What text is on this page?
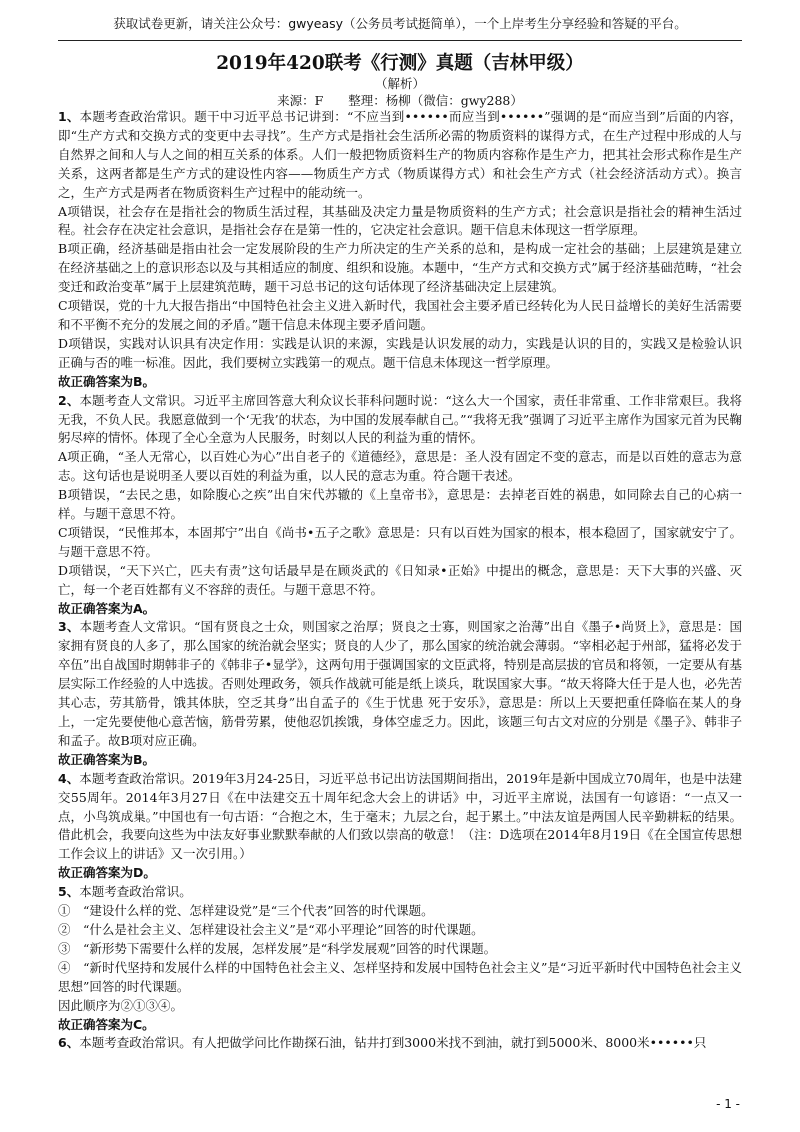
获取试卷更新，请关注公众号：gwyeasy（公务员考试挺简单），一个上岸考生分享经验和答疑的平台。
2019年420联考《行测》真题（吉林甲级）
（解析）
来源：F　　整理：杨柳（微信：gwy288）

1、本题考查政治常识。题干中习近平总书记讲到：“不应当到••••••而应当到••••••”强调的是“而应当到”后面的内容，即“生产方式和交换方式的变更中去寻找”。生产方式是指社会生活所必需的物质资料的谋得方式，在生产过程中形成的人与自然界之间和人与人之间的相互关系的体系。人们一般把物质资料生产的物质内容称作是生产力，把其社会形式称作是生产关系，这两者都是生产方式的建设性内容——物质生产方式（物质谋得方式）和社会生产方式（社会经济活动方式）。换言之，生产方式是两者在物质资料生产过程中的能动统一。

A项错误，社会存在是指社会的物质生活过程，其基础及决定力量是物质资料的生产方式；社会意识是指社会的精神生活过程。社会存在决定社会意识，是指社会存在是第一性的，它决定社会意识。题干信息未体现这一哲学原理。

B项正确，经济基础是指由社会一定发展阶段的生产力所决定的生产关系的总和，是构成一定社会的基础；上层建筑是建立在经济基础之上的意识形态以及与其相适应的制度、组织和设施。本题中，“生产方式和交换方式”属于经济基础范畴，“社会变迁和政治变革”属于上层建筑范畴，题干习总书记的这句话体现了经济基础决定上层建筑。

C项错误，党的十九大报告指出“中国特色社会主义进入新时代，我国社会主要矛盾已经转化为人民日益增长的美好生活需要和不平衡不充分的发展之间的矛盾。”题干信息未体现主要矛盾问题。

D项错误，实践对认识具有决定作用：实践是认识的来源，实践是认识发展的动力，实践是认识的目的，实践又是检验认识正确与否的唯一标准。因此，我们要树立实践第一的观点。题干信息未体现这一哲学原理。

故正确答案为B。

2、本题考查人文常识。习近平主席回答意大利众议长菲科问题时说：“这么大一个国家，责任非常重、工作非常艰巨。我将无我，不负人民。我愿意做到一个‘无我’的状态，为中国的发展奉献自己。”“我将无我”强调了习近平主席作为国家元首为民鞠躬尽瘁的情怀。体现了全心全意为人民服务，时刻以人民的利益为重的情怀。

A项正确，“圣人无常心，以百姓心为心”出自老子的《道德经》，意思是：圣人没有固定不变的意志，而是以百姓的意志为意志。这句话也是说明圣人要以百姓的利益为重，以人民的意志为重。符合题干表述。

B项错误，“去民之患，如除腹心之疾”出自宋代苏辙的《上皇帝书》，意思是：去掉老百姓的祸患，如同除去自己的心病一样。与题干意思不符。

C项错误，“民惟邦本，本固邦宁”出自《尚书•五子之歌》意思是：只有以百姓为国家的根本，根本稳固了，国家就安宁了。与题干意思不符。

D项错误，“天下兴亡，匹夫有责”这句话最早是在顾炎武的《日知录•正始》中提出的概念，意思是：天下大事的兴盛、灭亡，每一个老百姓都有义不容辞的责任。与题干意思不符。

故正确答案为A。

3、本题考查人文常识。“国有贤良之士众，则国家之治厚；贤良之士寡，则国家之治薄”出自《墨子•尚贤上》，意思是：国家拥有贤良的人多了，那么国家的统治就会坚实；贤良的人少了，那么国家的统治就会薄弱。“宰相必起于州部，猛将必发于卒伍”出自战国时期韩非子的《韩非子•显学》，这两句用于强调国家的文臣武将，特别是高层拔的官员和将领，一定要从有基层实际工作经验的人中选拔。否则处理政务，领兵作战就可能是纸上谈兵，耽误国家大事。“故天将降大任于是人也，必先苦其心志，劳其筋骨，饿其体肤，空乏其身”出自孟子的《生于忧患 死于安乐》，意思是：所以上天要把重任降临在某人的身上，一定先要使他心意苦恼，筋骨劳累，使他忍饥挨饿，身体空虚乏力。因此，该题三句古文对应的分别是《墨子》、韩非子和孟子。故B项对应正确。

故正确答案为B。

4、本题考查政治常识。2019年3月24-25日，习近平总书记出访法国期间指出，2019年是新中国成立70周年，也是中法建交55周年。2014年3月27日《在中法建交五十周年纪念大会上的讲话》中，习近平主席说，法国有一句谚语：“一点又一点，小鸟筑成巢。”中国也有一句古语：“合抱之木，生于毫末；九层之台，起于累土。”中法友谊是两国人民辛勤耕耘的结果。借此机会，我要向这些为中法友好事业默默奉献的人们致以崇高的敬意！（注：D选项在2014年8月19日《在全国宣传思想工作会议上的讲话》又一次引用。）

故正确答案为D。

5、本题考查政治常识。

①　“建设什么样的党、怎样建设党”是“三个代表”回答的时代课题。

②　“什么是社会主义、怎样建设社会主义”是“邓小平理论”回答的时代课题。

③　“新形势下需要什么样的发展，怎样发展”是“科学发展观”回答的时代课题。

④　“新时代坚持和发展什么样的中国特色社会主义、怎样坚持和发展中国特色社会主义”是“习近平新时代中国特色社会主义思想”回答的时代课题。

因此顺序为②①③④。

故正确答案为C。

6、本题考查政治常识。有人把做学问比作勘探石油，钻井打到3000米找不到油，就打到5000米、8000米••••••只

- 1 -
